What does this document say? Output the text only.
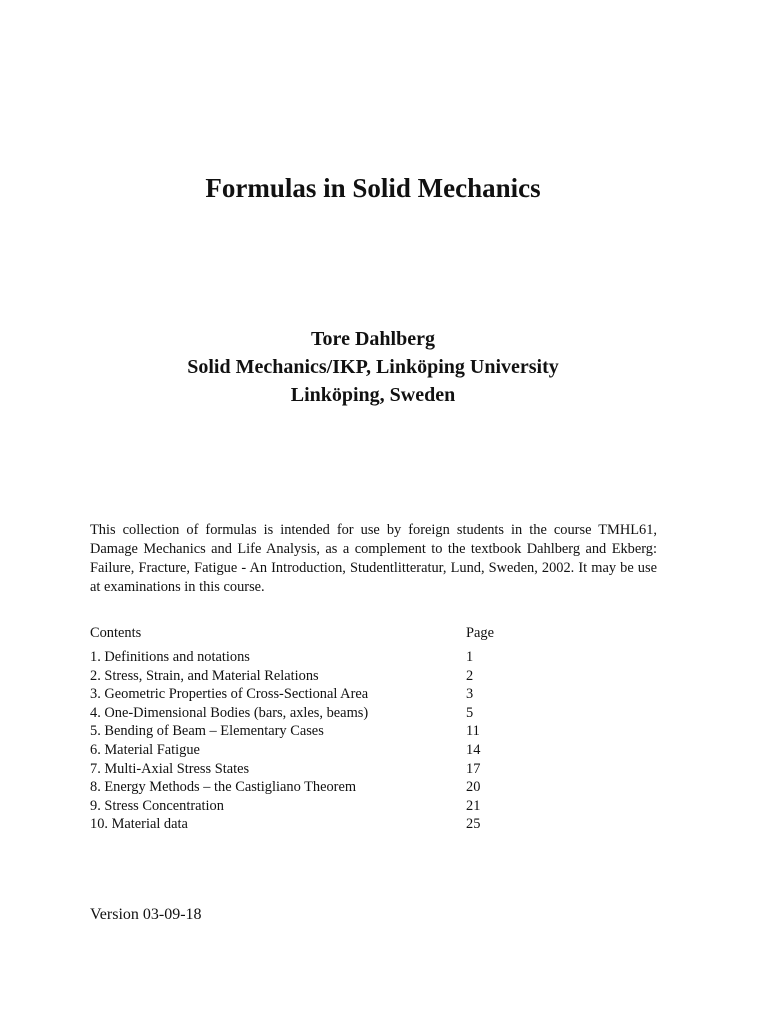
Formulas in Solid Mechanics
Tore Dahlberg
Solid Mechanics/IKP, Linköping University
Linköping, Sweden

This collection of formulas is intended for use by foreign students in the course TMHL61, Damage Mechanics and Life Analysis, as a complement to the textbook Dahlberg and Ekberg: Failure, Fracture, Fatigue - An Introduction, Studentlitteratur, Lund, Sweden, 2002. It may be use at examinations in this course.

Contents	Page
1. Definitions and notations	1
2. Stress, Strain, and Material Relations	2
3. Geometric Properties of Cross-Sectional Area	3
4. One-Dimensional Bodies (bars, axles, beams)	5
5. Bending of Beam – Elementary Cases	11
6. Material Fatigue	14
7. Multi-Axial Stress States	17
8. Energy Methods – the Castigliano Theorem	20
9. Stress Concentration	21
10. Material data	25
Version 03-09-18
